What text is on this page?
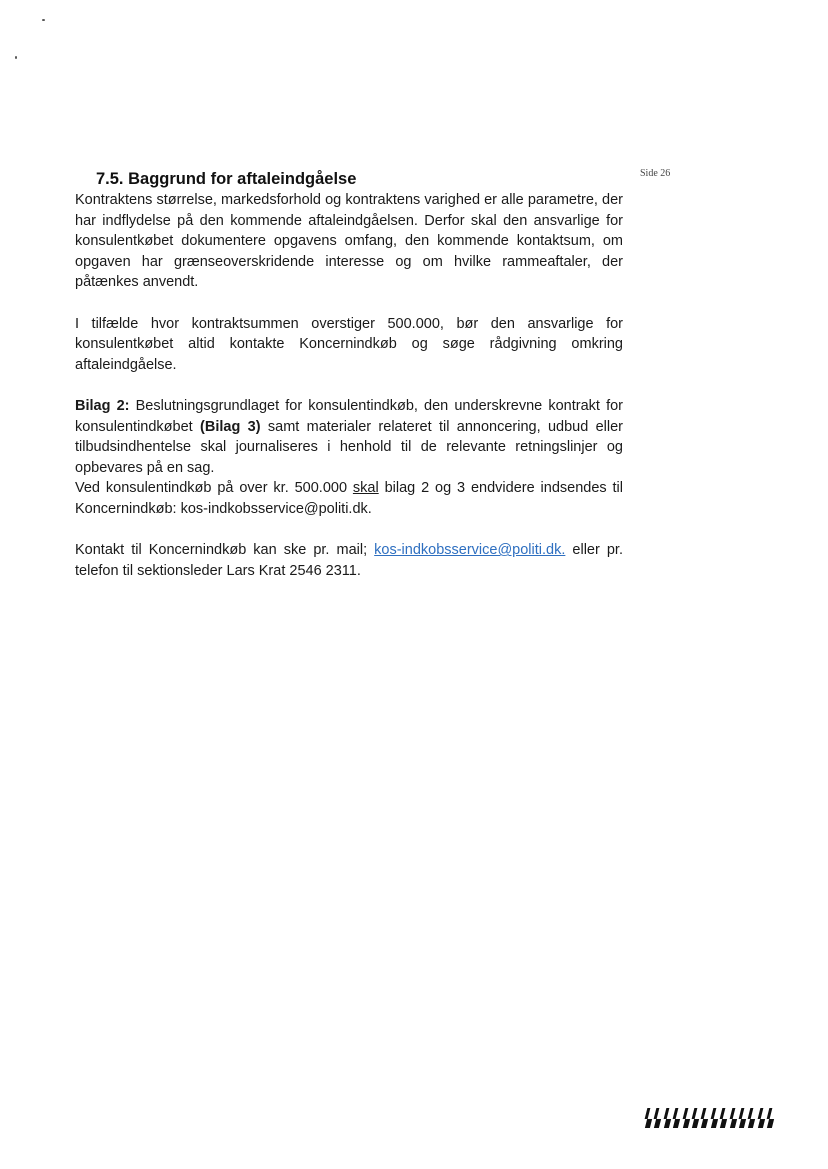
Side 26
7.5. Baggrund for aftaleindgåelse

Kontraktens størrelse, markedsforhold og kontraktens varighed er alle parametre, der har indflydelse på den kommende aftaleindgåelsen. Derfor skal den ansvarlige for konsulentkøbet dokumentere opgavens omfang, den kommende kontaktsum, om opgaven har grænseoverskridende interesse og om hvilke rammeaftaler, der påtænkes anvendt.

I tilfælde hvor kontraktsummen overstiger 500.000, bør den ansvarlige for konsulentkøbet altid kontakte Koncernindkøb og søge rådgivning omkring aftaleindgåelse.

Bilag 2: Beslutningsgrundlaget for konsulentindkøb, den underskrevne kontrakt for konsulentindkøbet (Bilag 3) samt materialer relateret til annoncering, udbud eller tilbudsindhentelse skal journaliseres i henhold til de relevante retningslinjer og opbevares på en sag.

Ved konsulentindkøb på over kr. 500.000 skal bilag 2 og 3 endvidere indsendes til Koncernindkøb: kos-indkobsservice@politi.dk.

Kontakt til Koncernindkøb kan ske pr. mail; kos-indkobsservice@politi.dk. eller pr. telefon til sektionsleder Lars Krat 2546 2311.
